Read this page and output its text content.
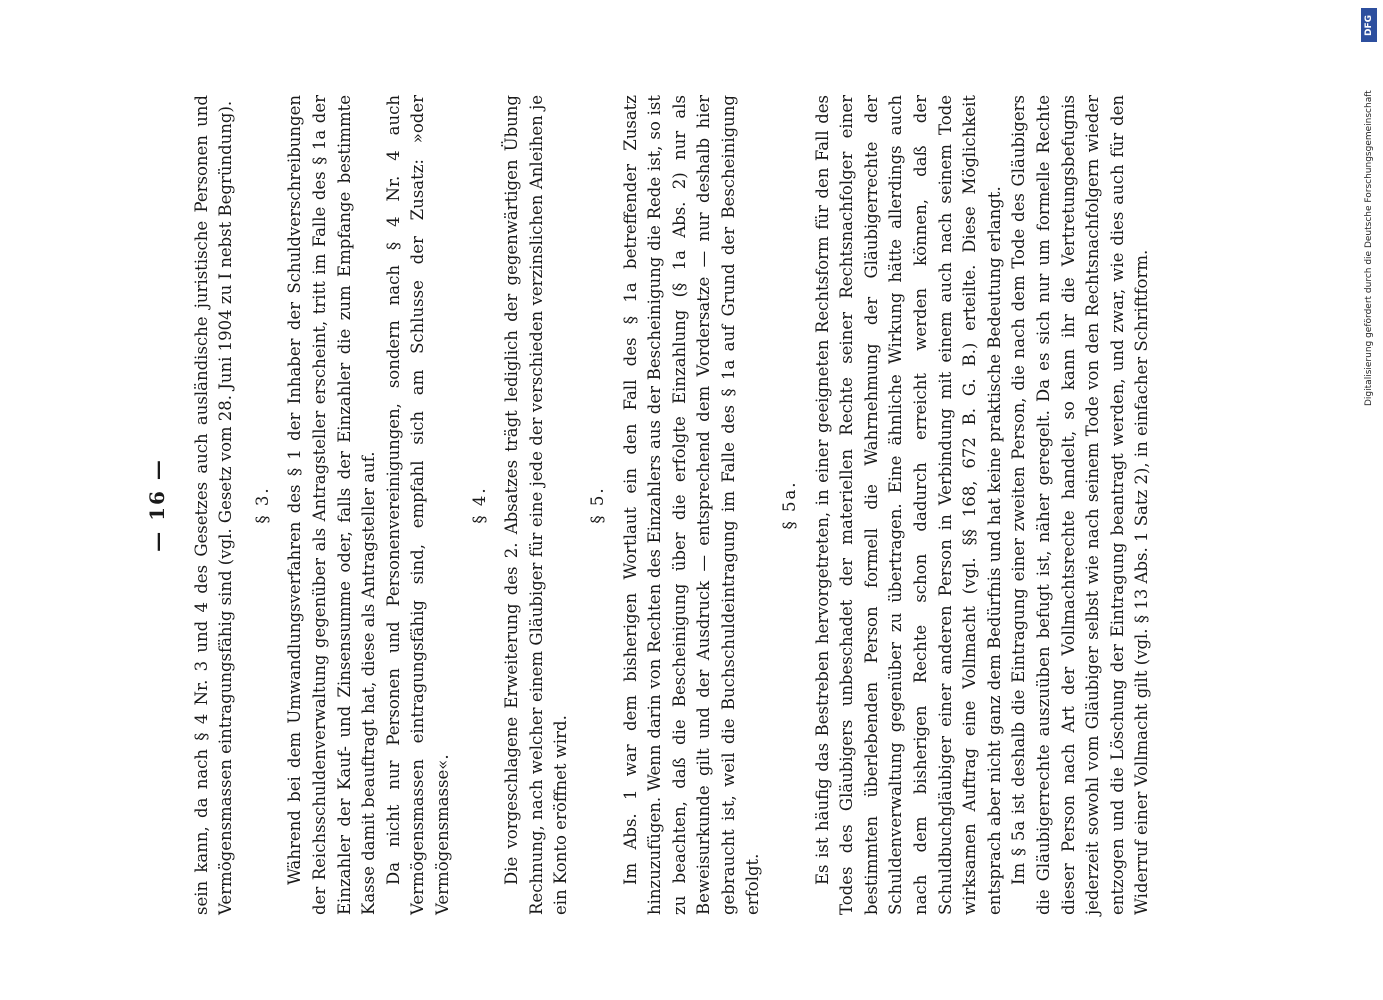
— 16 — sein kann, da nach § 4 Nr. 3 und 4 des Gesetzes auch ausländische juristische Personen und Vermögensmassen eintragungsfähig sind (vgl. Gesetz vom 28. Juni 1904 zu I nebst Begründung). § 3. Während bei dem Umwandlungsverfahren des § 1 der Inhaber der Schuldverschreibungen der Reichsschuldenverwaltung gegenüber als Antragsteller erscheint, tritt im Falle des § 1a der Einzahler der Kauf- und Zinsensumme oder, falls der Einzahler die zum Empfange bestimmte Kasse damit beauftragt hat, diese als Antragsteller auf. Da nicht nur Personen und Personenvereinigungen, sondern nach § 4 Nr. 4 auch Vermögensmassen eintragungsfähig sind, empfahl sich am Schlusse der Zusatz: »oder Vermögensmasse«.

§ 4. Die vorgeschlagene Erweiterung des 2. Absatzes trägt lediglich der gegenwärtigen Übung Rechnung, nach welcher einem Gläubiger für eine jede der verschieden verzinslichen Anleihen je ein Konto eröffnet wird.

§ 5. Im Abs. 1 war dem bisherigen Wortlaut ein den Fall des § 1a betreffender Zusatz hinzuzufügen. Wenn darin von Rechten des Einzahlers aus der Bescheinigung die Rede ist, so ist zu beachten, daß die Bescheinigung über die erfolgte Einzahlung (§ 1a Abs. 2) nur als Beweisurkunde gilt und der Ausdruck — entsprechend dem Vordersatze — nur deshalb hier gebraucht ist, weil die Buchschuldeintragung im Falle des § 1a auf Grund der Bescheinigung erfolgt.

§ 5a. Es ist häufig das Bestreben hervorgetreten, in einer geeigneten Rechtsform für den Fall des Todes des Gläubigers unbeschadet der materiellen Rechte seiner Rechtsnachfolger einer bestimmten überlebenden Person formell die Wahrnehmung der Gläubigerrechte der Schuldenverwaltung gegenüber zu übertragen. Eine ähnliche Wirkung hätte allerdings auch nach dem bisherigen Rechte schon dadurch erreicht werden können, daß der Schuldbuchgläubiger einer anderen Person in Verbindung mit einem auch nach seinem Tode wirksamen Auftrag eine Vollmacht (vgl. §§ 168, 672 B. G. B.) erteilte. Diese Möglichkeit entsprach aber nicht ganz dem Bedürfnis und hat keine praktische Bedeutung erlangt. Im § 5a ist deshalb die Eintragung einer zweiten Person, die nach dem Tode des Gläubigers die Gläubigerrechte auszuüben befugt ist, näher geregelt. Da es sich nur um formelle Rechte dieser Person nach Art der Vollmachtsrechte handelt, so kann ihr die Vertretungsbefugnis jederzeit sowohl vom Gläubiger selbst wie nach seinem Tode von den Rechtsnachfolgern wieder entzogen und die Löschung der Eintragung beantragt werden, und zwar, wie dies auch für den Widerruf einer Vollmacht gilt (vgl. § 13 Abs. 1 Satz 2), in einfacher Schriftform.

DFG
Digitalisierung gefördert durch die Deutsche Forschungsgemeinschaft
